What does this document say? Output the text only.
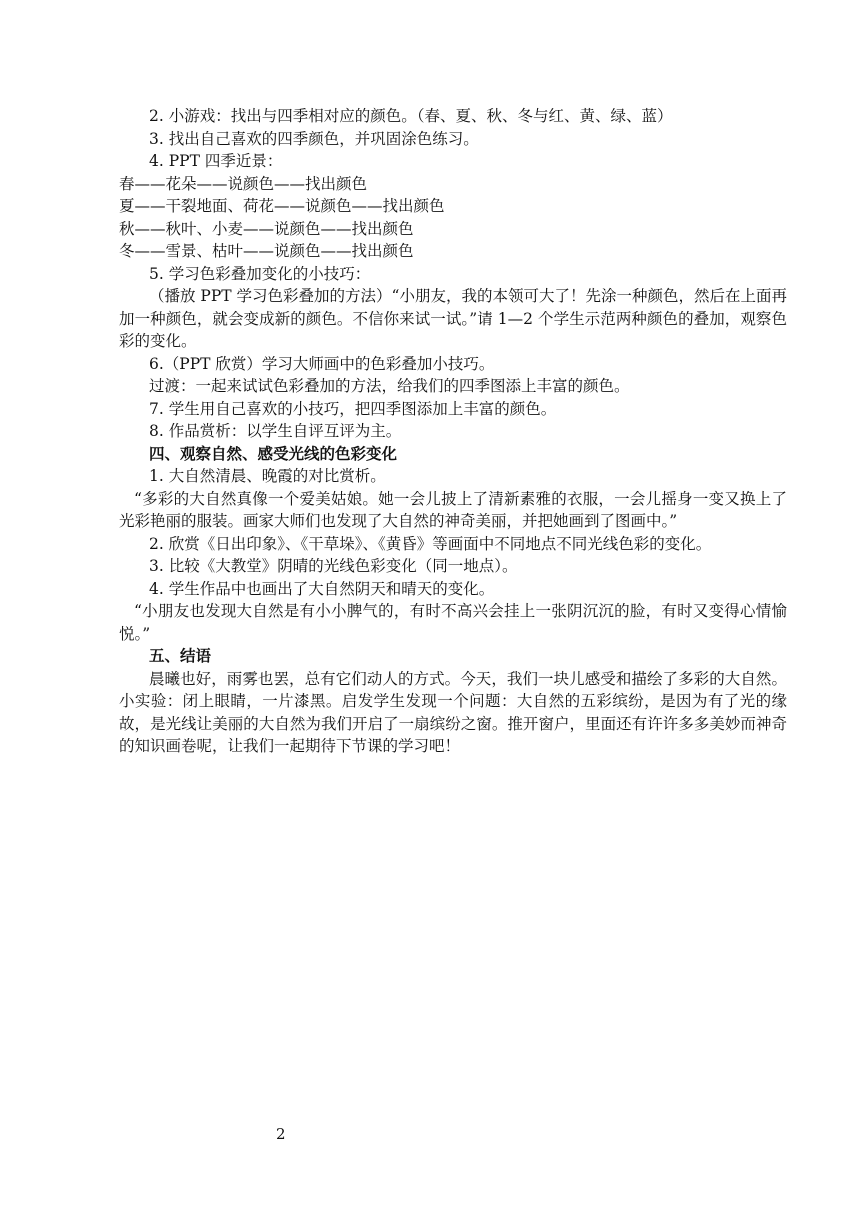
2. 小游戏：找出与四季相对应的颜色。（春、夏、秋、冬与红、黄、绿、蓝）
3. 找出自己喜欢的四季颜色，并巩固涂色练习。
4. PPT 四季近景：
春——花朵——说颜色——找出颜色
夏——干裂地面、荷花——说颜色——找出颜色
秋——秋叶、小麦——说颜色——找出颜色
冬——雪景、枯叶——说颜色——找出颜色
5. 学习色彩叠加变化的小技巧：
（播放 PPT 学习色彩叠加的方法）“小朋友，我的本领可大了！先涂一种颜色，然后在上面再加一种颜色，就会变成新的颜色。不信你来试一试。”请 1—2 个学生示范两种颜色的叠加，观察色彩的变化。
6.（PPT 欣赏）学习大师画中的色彩叠加小技巧。
过渡：一起来试试色彩叠加的方法，给我们的四季图添上丰富的颜色。
7. 学生用自己喜欢的小技巧，把四季图添加上丰富的颜色。
8. 作品赏析：以学生自评互评为主。
四、观察自然、感受光线的色彩变化
1. 大自然清晨、晚霞的对比赏析。
“多彩的大自然真像一个爱美姑娘。她一会儿披上了清新素雅的衣服，一会儿摇身一变又换上了光彩艳丽的服装。画家大师们也发现了大自然的神奇美丽，并把她画到了图画中。”
2. 欣赏《日出印象》、《干草垛》、《黄昏》等画面中不同地点不同光线色彩的变化。
3. 比较《大教堂》阴晴的光线色彩变化（同一地点）。
4. 学生作品中也画出了大自然阴天和晴天的变化。
“小朋友也发现大自然是有小小脾气的，有时不高兴会挂上一张阴沉沉的脸，有时又变得心情愉悦。”
五、结语
晨曦也好，雨雾也罢，总有它们动人的方式。今天，我们一块儿感受和描绘了多彩的大自然。小实验：闭上眼睛，一片漆黑。启发学生发现一个问题：大自然的五彩缤纷，是因为有了光的缘故，是光线让美丽的大自然为我们开启了一扇缤纷之窗。推开窗户，里面还有许许多多美妙而神奇的知识画卷呢，让我们一起期待下节课的学习吧！
2
